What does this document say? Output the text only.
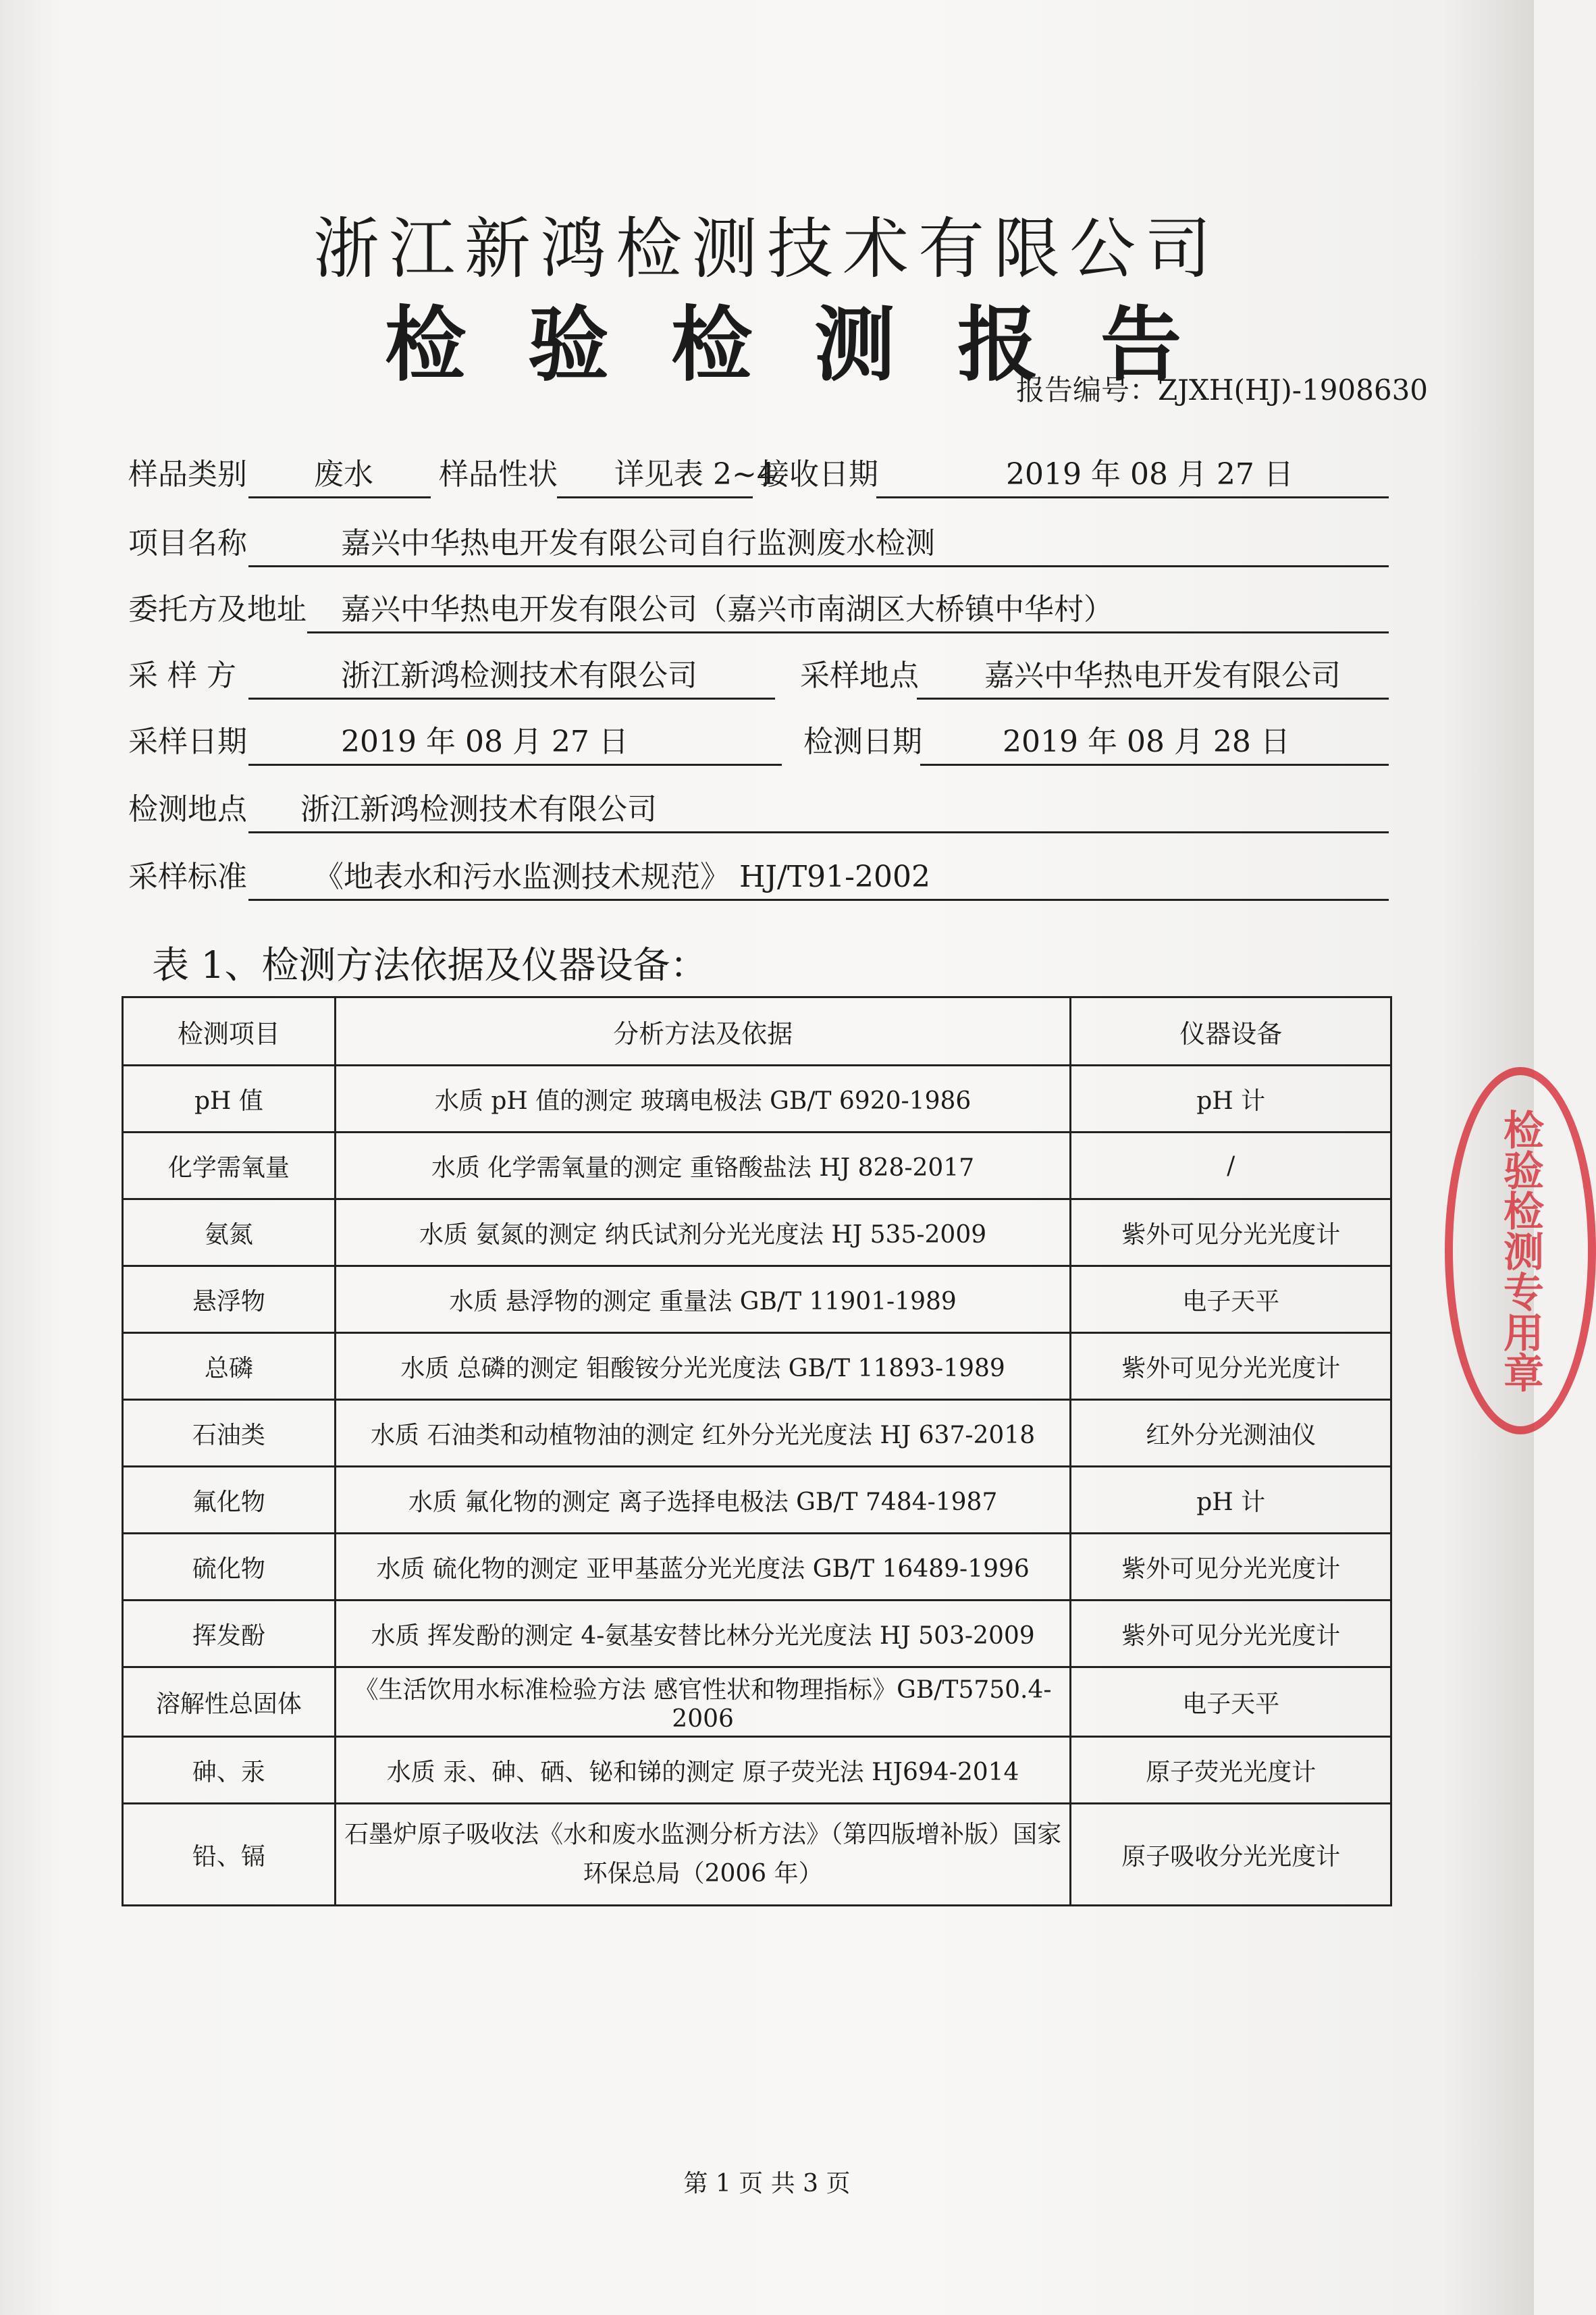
浙江新鸿检测技术有限公司
检 验 检 测 报 告
报告编号：ZJXH(HJ)-1908630
样品类别 废水 样品性状 详见表 2~4
接收日期	2019 年 08 月 27 日
项目名称	嘉兴中华热电开发有限公司自行监测废水检测
委托方及地址 嘉兴中华热电开发有限公司（嘉兴市南湖区大桥镇中华村）
采 样 方	浙江新鸿检测技术有限公司	采样地点 嘉兴中华热电开发有限公司
采样日期	2019 年 08 月 27 日	检测日期	2019 年 08 月 28 日
检测地点 浙江新鸿检测技术有限公司
采样标准 《地表水和污水监测技术规范》 HJ/T91-2002
表 1、检测方法依据及仪器设备：
检测项目	分析方法及依据	仪器设备
pH 值	水质 pH 值的测定 玻璃电极法 GB/T 6920-1986	pH 计
化学需氧量	水质 化学需氧量的测定 重铬酸盐法 HJ 828-2017	/
氨氮	水质 氨氮的测定 纳氏试剂分光光度法 HJ 535-2009	紫外可见分光光度计
悬浮物	水质 悬浮物的测定 重量法 GB/T 11901-1989	电子天平
总磷	水质 总磷的测定 钼酸铵分光光度法 GB/T 11893-1989	紫外可见分光光度计
石油类	水质 石油类和动植物油的测定 红外分光光度法 HJ 637-2018	红外分光测油仪
氟化物	水质 氟化物的测定 离子选择电极法 GB/T 7484-1987	pH 计
硫化物	水质 硫化物的测定 亚甲基蓝分光光度法 GB/T 16489-1996	紫外可见分光光度计
挥发酚	水质 挥发酚的测定 4-氨基安替比林分光光度法 HJ 503-2009	紫外可见分光光度计
溶解性总固体	《生活饮用水标准检验方法 感官性状和物理指标》GB/T5750.4-2006	电子天平
砷、汞	水质 汞、砷、硒、铋和锑的测定 原子荧光法 HJ694-2014	原子荧光光度计
铅、镉	石墨炉原子吸收法《水和废水监测分析方法》（第四版增补版）国家环保总局（2006 年）	原子吸收分光光度计
第 1 页 共 3 页
检验检测专用章
